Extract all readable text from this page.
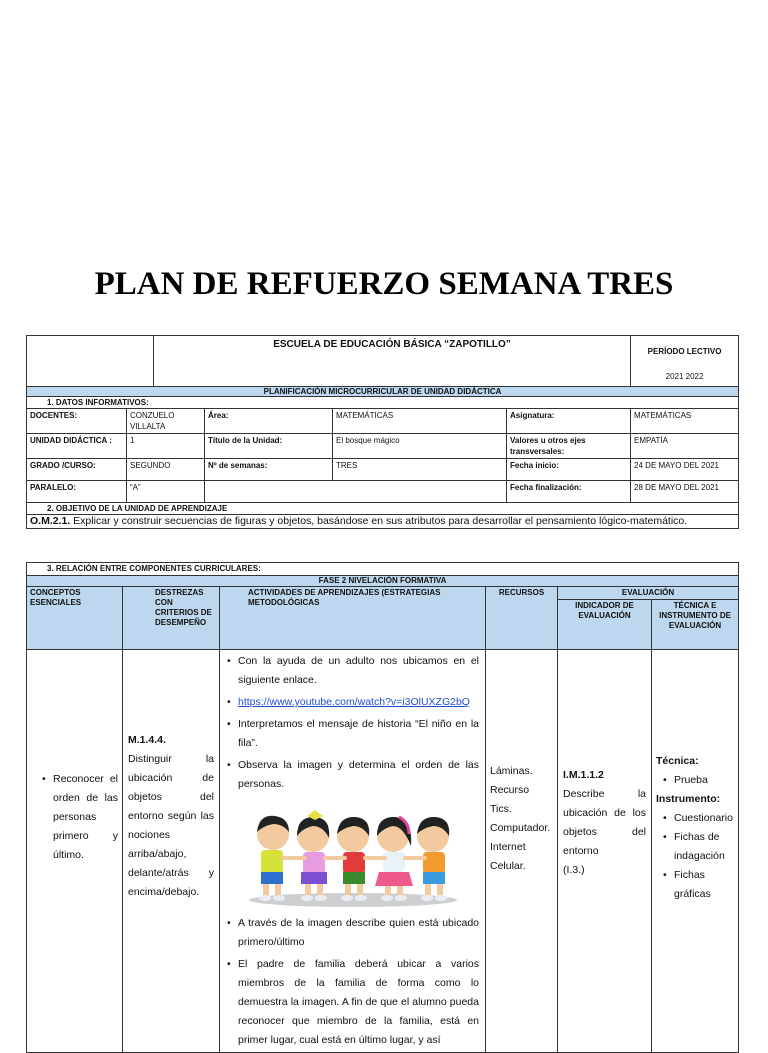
PLAN DE REFUERZO SEMANA TRES
		ESCUELA DE EDUCACIÓN BÁSICA “ZAPOTILLO”				PERÍODO LECTIVO
2021 2022

PLANIFICACIÓN MICROCURRICULAR DE UNIDAD DIDÁCTICA						
1. DATOS INFORMATIVOS:						
DOCENTES:	CONZUELO VILLALTA		Área:	MATEMÁTICAS	Asignatura:	MATEMÁTICAS
UNIDAD DIDÁCTICA :	1		Título de la Unidad:	El bosque mágico	Valores u otros ejes transversales:	EMPATÍA
GRADO /CURSO:	SEGUNDO		Nº de semanas:	TRES	Fecha inicio:	24 DE MAYO DEL 2021
PARALELO:	“A”				Fecha finalización:	28 DE MAYO DEL 2021
2. OBJETIVO DE LA UNIDAD DE APRENDIZAJE						
O.M.2.1. Explicar y construir secuencias de figuras y objetos, basándose en sus atributos para desarrollar el pensamiento lógico-matemático.						
3. RELACIÓN ENTRE COMPONENTES CURRICULARES:					
FASE 2 NIVELACIÓN FORMATIVA					
CONCEPTOS ESENCIALES	DESTREZAS CON CRITERIOS DE DESEMPEÑO	ACTIVIDADES DE APRENDIZAJES (ESTRATEGIAS METODOLÓGICAS	RECURSOS	EVALUACIÓN	
				INDICADOR DE EVALUACIÓN	TÉCNICA E INSTRUMENTO DE EVALUACIÓN

• Reconocer el orden de las personas primero y último.

M.1.4.4.
Distinguir la ubicación de objetos del entorno según las nociones arriba/abajo, delante/atrás y encima/debajo.

• Con la ayuda de un adulto nos ubicamos en el siguiente enlace.
• https://www.youtube.com/watch?v=i3OlUXZG2bQ
• Interpretamos el mensaje de historia “El niño en la fila”.
• Observa la imagen y determina el orden de las personas.
• A través de la imagen describe quien está ubicado primero/último
• El padre de familia deberá ubicar a varios miembros de la familia de forma como lo demuestra la imagen. A fin de que el alumno pueda reconocer que miembro de la familia, está en primer lugar, cual está en último lugar, y así

Láminas.
Recurso Tics.
Computador.
Internet
Celular.

I.M.1.1.2
Describe la ubicación de los objetos del entorno
(I.3.)

Técnica:
• Prueba
Instrumento:
• Cuestionario
• Fichas de indagación
• Fichas gráficas
